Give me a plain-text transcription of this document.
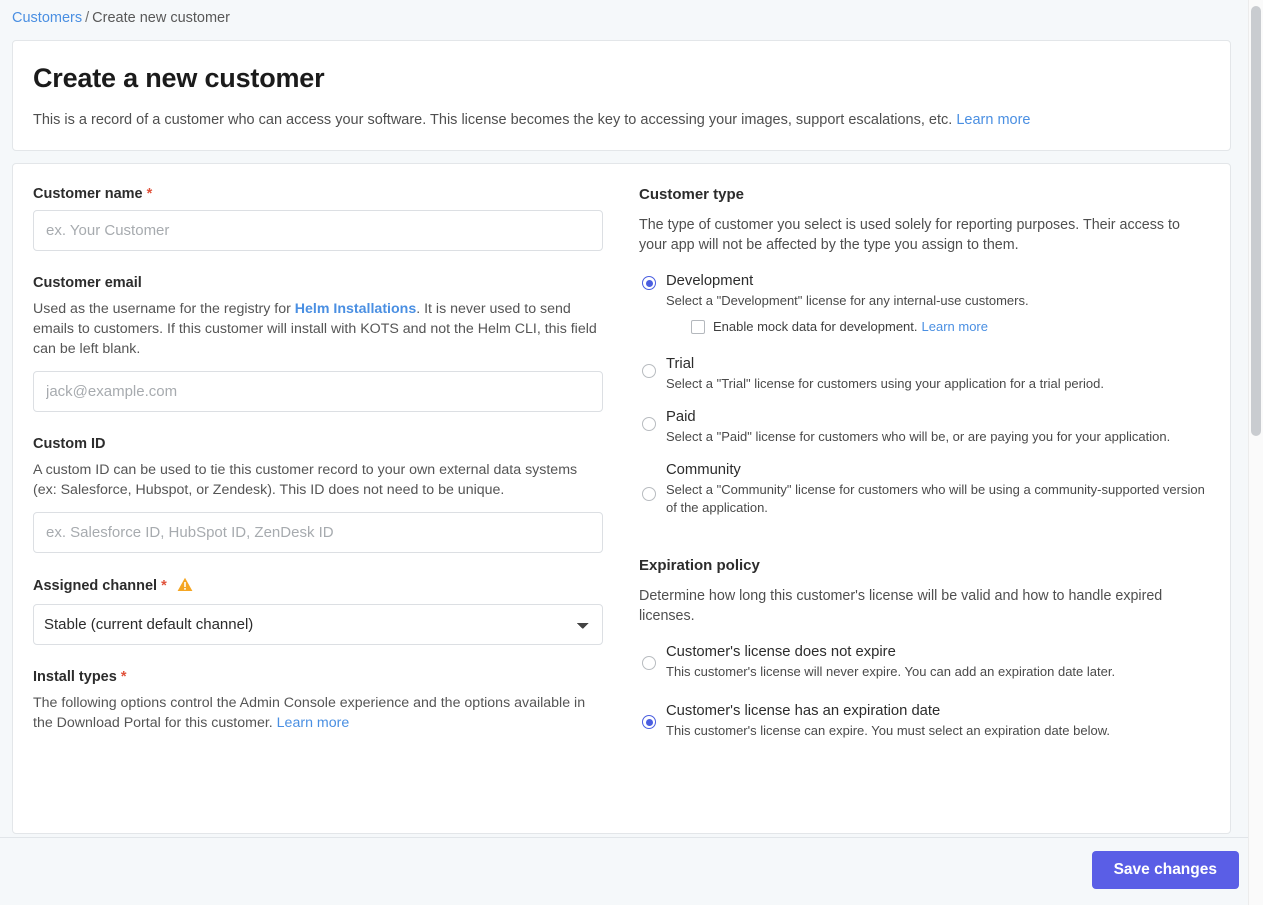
Customers / Create new customer
Create a new customer

This is a record of a customer who can access your software. This license becomes the key to accessing your images, support escalations, etc. Learn more

Customer name *
ex. Your Customer
Customer email

Used as the username for the registry for Helm Installations. It is never used to send emails to customers. If this customer will install with KOTS and not the Helm CLI, this field can be left blank.

jack@example.com
Custom ID

A custom ID can be used to tie this customer record to your own external data systems (ex: Salesforce, Hubspot, or Zendesk). This ID does not need to be unique.

ex. Salesforce ID, HubSpot ID, ZenDesk ID
Assigned channel *
Stable (current default channel)
Install types *

The following options control the Admin Console experience and the options available in the Download Portal for this customer. Learn more

Customer type

The type of customer you select is used solely for reporting purposes. Their access to your app will not be affected by the type you assign to them.

Development
Select a "Development" license for any internal-use customers.
Enable mock data for development. Learn more
Trial
Select a "Trial" license for customers using your application for a trial period.
Paid
Select a "Paid" license for customers who will be, or are paying you for your application.
Community
Select a "Community" license for customers who will be using a community-supported version of the application.
Expiration policy

Determine how long this customer's license will be valid and how to handle expired licenses.

Customer's license does not expire
This customer's license will never expire. You can add an expiration date later.
Customer's license has an expiration date
This customer's license can expire. You must select an expiration date below.
Save changes
